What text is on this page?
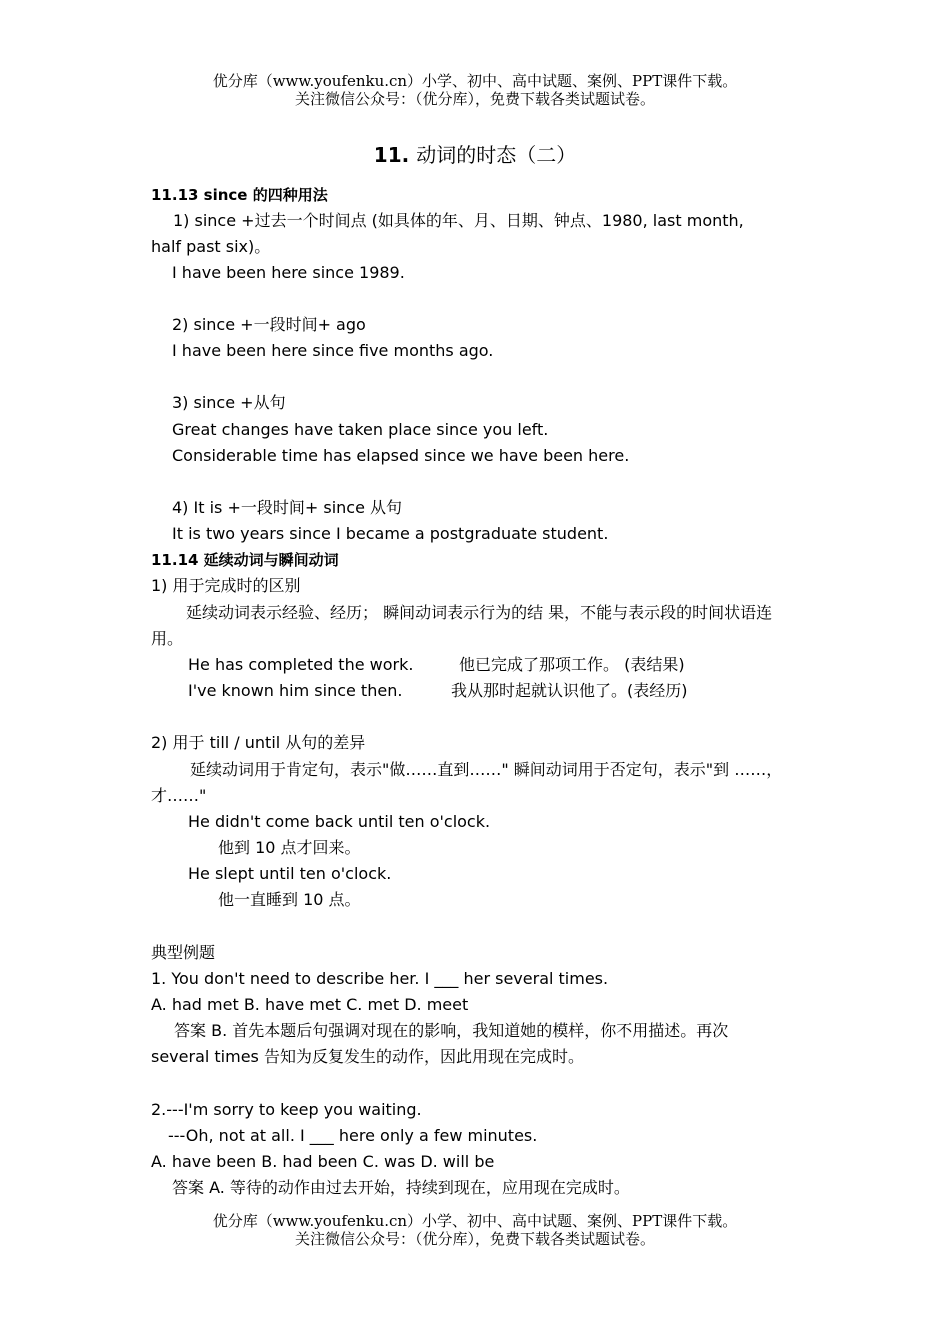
优分库（www.youfenku.cn）小学、初中、高中试题、案例、PPT课件下载。
关注微信公众号：（优分库），免费下载各类试题试卷。
11. 动词的时态（二）
11.13 since 的四种用法
1) since +过去一个时间点 (如具体的年、月、日期、钟点、1980, last month,
half past six)。
I have been here since 1989.
2) since +一段时间+ ago
I have been here since five months ago.
3) since +从句
Great changes have taken place since you left.
Considerable time has elapsed since we have been here.
4) It is +一段时间+ since 从句
It is two years since I became a postgraduate student.
11.14 延续动词与瞬间动词
1) 用于完成时的区别
延续动词表示经验、经历； 瞬间动词表示行为的结 果，不能与表示段的时间状语连
用。
He has completed the work.	他已完成了那项工作。 (表结果)
I've known him since then.	我从那时起就认识他了。(表经历)
2) 用于 till / until 从句的差异
延续动词用于肯定句，表示"做……直到……" 瞬间动词用于否定句，表示"到 ……，
才……"
He didn't come back until ten o'clock.
他到 10 点才回来。
He slept until ten o'clock.
他一直睡到 10 点。
典型例题
1. You don't need to describe her. I ___ her several times.
A. had met B. have met C. met D. meet
答案 B. 首先本题后句强调对现在的影响，我知道她的模样，你不用描述。再次
several times 告知为反复发生的动作，因此用现在完成时。
2.---I'm sorry to keep you waiting.
---Oh, not at all. I ___ here only a few minutes.
A. have been B. had been C. was D. will be
答案 A. 等待的动作由过去开始，持续到现在，应用现在完成时。
优分库（www.youfenku.cn）小学、初中、高中试题、案例、PPT课件下载。
关注微信公众号：（优分库），免费下载各类试题试卷。
